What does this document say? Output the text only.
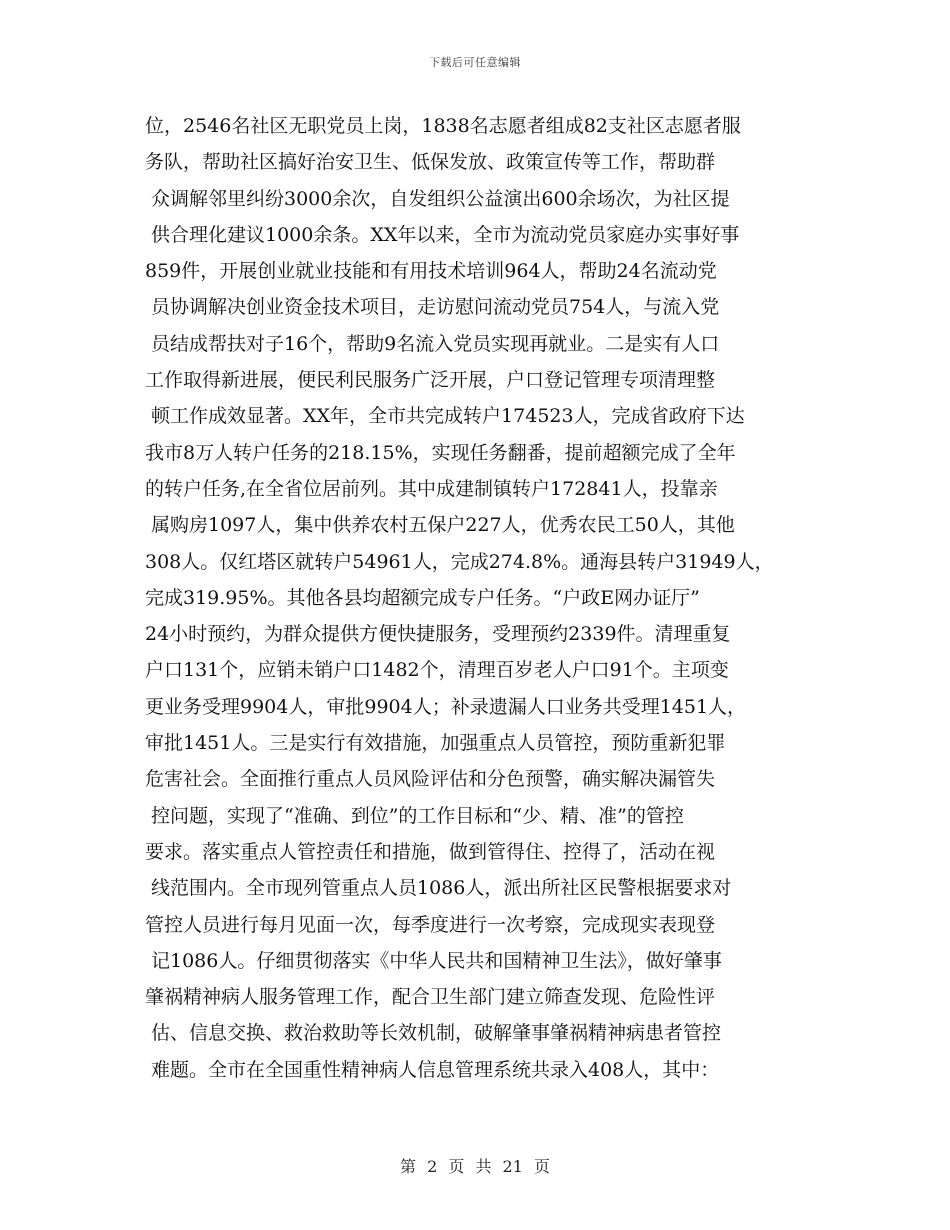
下载后可任意编辑
位，2546名社区无职党员上岗，1838名志愿者组成82支社区志愿者服
务队，帮助社区搞好治安卫生、低保发放、政策宣传等工作，帮助群
众调解邻里纠纷3000余次，自发组织公益演出600余场次，为社区提
供合理化建议1000余条。XX年以来，全市为流动党员家庭办实事好事
859件，开展创业就业技能和有用技术培训964人，帮助24名流动党
员协调解决创业资金技术项目，走访慰问流动党员754人，与流入党
员结成帮扶对子16个，帮助9名流入党员实现再就业。二是实有人口
工作取得新进展，便民利民服务广泛开展，户口登记管理专项清理整
顿工作成效显著。XX年，全市共完成转户174523人，完成省政府下达
我市8万人转户任务的218.15%，实现任务翻番，提前超额完成了全年
的转户任务,在全省位居前列。其中成建制镇转户172841人，投靠亲
属购房1097人，集中供养农村五保户227人，优秀农民工50人，其他
308人。仅红塔区就转户54961人，完成274.8%。通海县转户31949人，
完成319.95%。其他各县均超额完成专户任务。“户政E网办证厅”
24小时预约，为群众提供方便快捷服务，受理预约2339件。清理重复
户口131个，应销未销户口1482个，清理百岁老人户口91个。主项变
更业务受理9904人，审批9904人；补录遗漏人口业务共受理1451人，
审批1451人。三是实行有效措施，加强重点人员管控，预防重新犯罪
危害社会。全面推行重点人员风险评估和分色预警，确实解决漏管失
控问题，实现了“准确、到位”的工作目标和“少、精、准”的管控
要求。落实重点人管控责任和措施，做到管得住、控得了，活动在视
线范围内。全市现列管重点人员1086人，派出所社区民警根据要求对
管控人员进行每月见面一次，每季度进行一次考察，完成现实表现登
记1086人。仔细贯彻落实《中华人民共和国精神卫生法》，做好肇事
肇祸精神病人服务管理工作，配合卫生部门建立筛查发现、危险性评
估、信息交换、救治救助等长效机制，破解肇事肇祸精神病患者管控
难题。全市在全国重性精神病人信息管理系统共录入408人，其中：
第 2 页 共 21 页
